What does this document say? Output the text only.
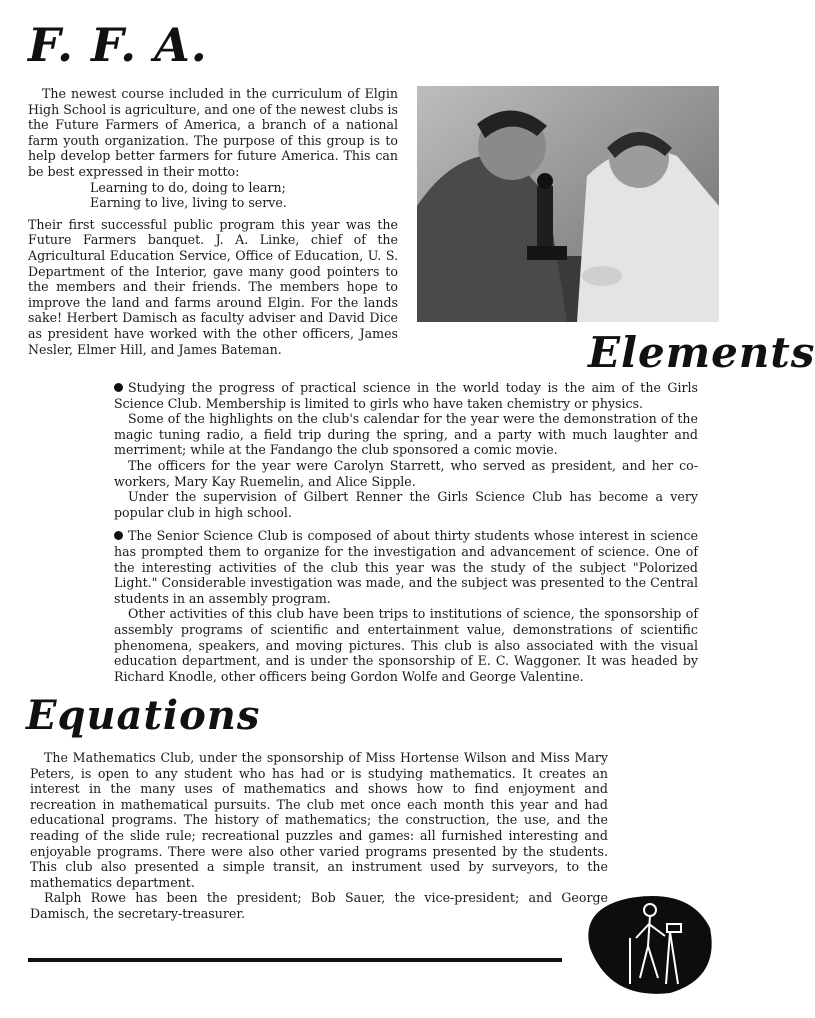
F. F. A.

The newest course included in the curriculum of Elgin High School is agriculture, and one of the newest clubs is the Future Farmers of America, a branch of a national farm youth organization. The purpose of this group is to help develop better farmers for future America. This can be best expressed in their motto:

Learning to do, doing to learn;

Earning to live, living to serve.

Their first successful public program this year was the Future Farmers banquet. J. A. Linke, chief of the Agricultural Education Service, Office of Education, U. S. Department of the Interior, gave many good pointers to the members and their friends. The members hope to improve the land and farms around Elgin. For the lands sake! Herbert Damisch as faculty adviser and David Dice as president have worked with the other officers, James Nesler, Elmer Hill, and James Bateman.	Elements

Studying the progress of practical science in the world today is the aim of the Girls Science Club. Membership is limited to girls who have taken chemistry or physics.

Some of the highlights on the club's calendar for the year were the demonstration of the magic tuning radio, a field trip during the spring, and a party with much laughter and merriment; while at the Fandango the club sponsored a comic movie.

The officers for the year were Carolyn Starrett, who served as president, and her co-workers, Mary Kay Ruemelin, and Alice Sipple.

Under the supervision of Gilbert Renner the Girls Science Club has become a very popular club in high school.

The Senior Science Club is composed of about thirty students whose interest in science has prompted them to organize for the investigation and advancement of science. One of the interesting activities of the club this year was the study of the subject "Polorized Light." Considerable investigation was made, and the subject was presented to the Central students in an assembly program.

Other activities of this club have been trips to institutions of science, the sponsorship of assembly programs of scientific and entertainment value, demonstrations of scientific phenomena, speakers, and moving pictures. This club is also associated with the visual education department, and is under the sponsorship of E. C. Waggoner. It was headed by Richard Knodle, other officers being Gordon Wolfe and George Valentine.

Equations

The Mathematics Club, under the sponsorship of Miss Hortense Wilson and Miss Mary Peters, is open to any student who has had or is studying mathematics. It creates an interest in the many uses of mathematics and shows how to find enjoyment and recreation in mathematical pursuits. The club met once each month this year and had educational programs. The history of mathematics; the construction, the use, and the reading of the slide rule; recreational puzzles and games: all furnished interesting and enjoyable programs. There were also other varied programs presented by the students. This club also presented a simple transit, an instrument used by surveyors, to the mathematics department.

Ralph Rowe has been the president; Bob Sauer, the vice-president; and George Damisch, the secretary-treasurer.
